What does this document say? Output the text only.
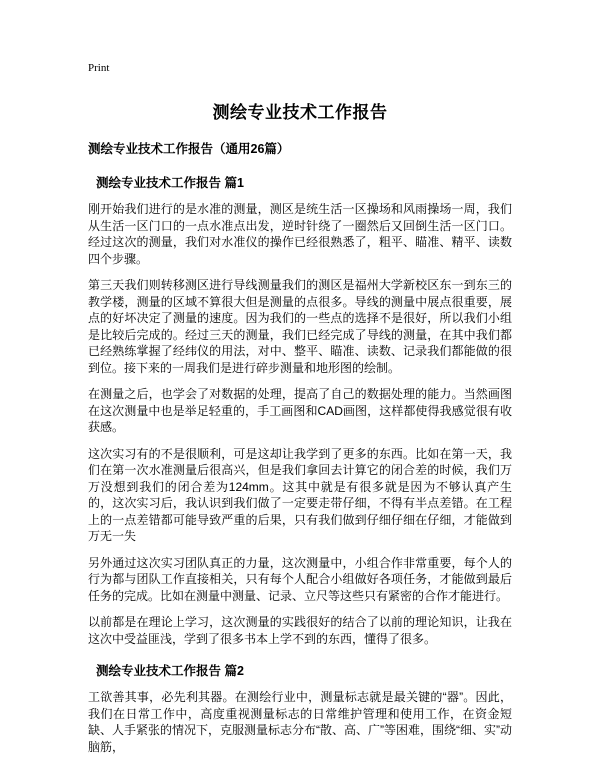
Print
测绘专业技术工作报告
测绘专业技术工作报告（通用26篇）
测绘专业技术工作报告 篇1

刚开始我们进行的是水准的测量，测区是统生活一区操场和风雨操场一周，我们从生活一区门口的一点水准点出发，逆时针绕了一圈然后又回倒生活一区门口。经过这次的测量，我们对水准仪的操作已经很熟悉了，粗平、瞄准、精平、读数四个步骤。

第三天我们则转移测区进行导线测量我们的测区是福州大学新校区东一到东三的教学楼，测量的区域不算很大但是测量的点很多。导线的测量中展点很重要，展点的好坏决定了测量的速度。因为我们的一些点的选择不是很好，所以我们小组是比较后完成的。经过三天的测量，我们已经完成了导线的测量，在其中我们都已经熟练掌握了经纬仪的用法，对中、整平、瞄准、读数、记录我们都能做的很到位。接下来的一周我们是进行碎步测量和地形图的绘制。

在测量之后，也学会了对数据的处理，提高了自己的数据处理的能力。当然画图在这次测量中也是举足轻重的，手工画图和CAD画图，这样都使得我感觉很有收获感。

这次实习有的不是很顺利，可是这却让我学到了更多的东西。比如在第一天，我们在第一次水准测量后很高兴，但是我们拿回去计算它的闭合差的时候，我们万万没想到我们的闭合差为124mm。这其中就是有很多就是因为不够认真产生的，这次实习后，我认识到我们做了一定要走带仔细，不得有半点差错。在工程上的一点差错都可能导致严重的后果，只有我们做到仔细仔细在仔细，才能做到万无一失

另外通过这次实习团队真正的力量，这次测量中，小组合作非常重要，每个人的行为都与团队工作直接相关，只有每个人配合小组做好各项任务，才能做到最后任务的完成。比如在测量中测量、记录、立尺等这些只有紧密的合作才能进行。

以前都是在理论上学习，这次测量的实践很好的结合了以前的理论知识，让我在这次中受益匪浅，学到了很多书本上学不到的东西，懂得了很多。

测绘专业技术工作报告 篇2

工欲善其事，必先利其器。在测绘行业中，测量标志就是最关键的“器”。因此，我们在日常工作中，高度重视测量标志的日常维护管理和使用工作，在资金短缺、人手紧张的情况下，克服测量标志分布“散、高、广”等困难，围绕“细、实”动脑筋，
